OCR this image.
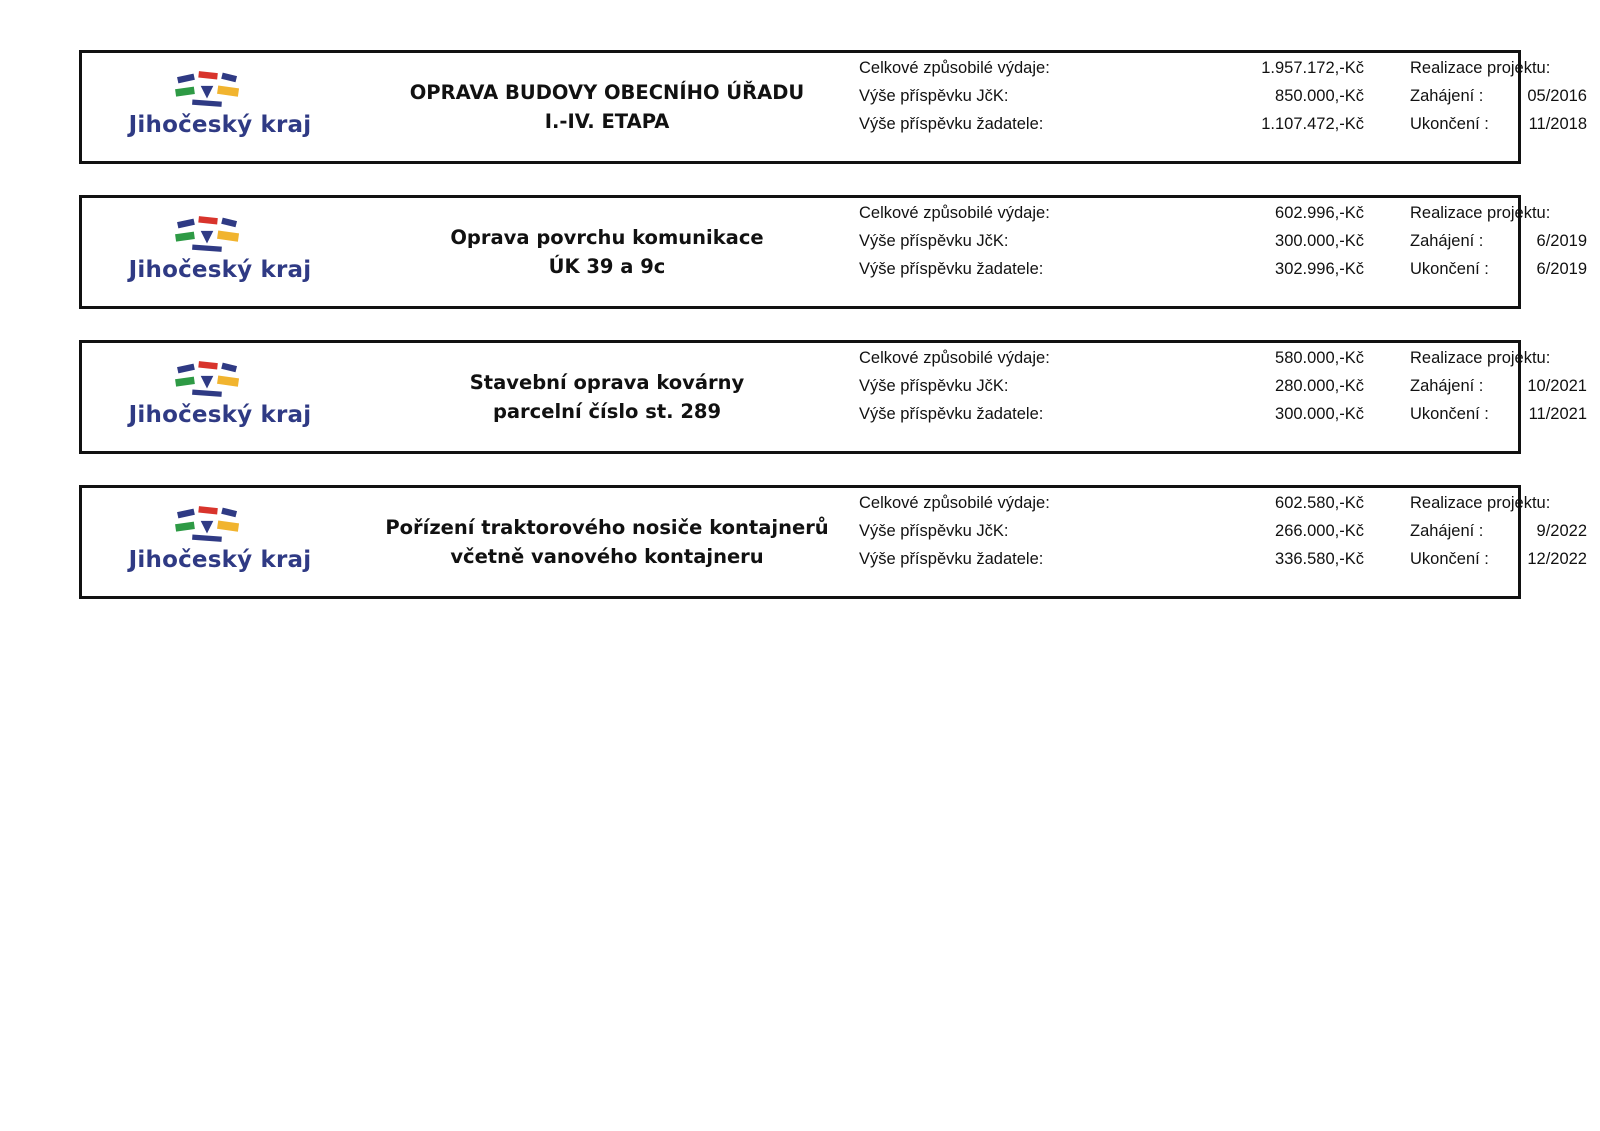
Jihočeský kraj
OPRAVA BUDOVY OBECNÍHO ÚŘADU
I.-IV. ETAPA
Celkové způsobilé výdaje:	1.957.172,-Kč
Výše příspěvku JčK:	850.000,-Kč
Výše příspěvku žadatele:	1.107.472,-Kč
Realizace projektu:
Zahájení :	05/2016
Ukončení :	11/2018
Jihočeský kraj
Oprava povrchu komunikace
ÚK 39 a 9c
Celkové způsobilé výdaje:	602.996,-Kč
Výše příspěvku JčK:	300.000,-Kč
Výše příspěvku žadatele:	302.996,-Kč
Realizace projektu:
Zahájení :	6/2019
Ukončení :	6/2019
Jihočeský kraj
Stavební oprava kovárny
parcelní číslo st. 289
Celkové způsobilé výdaje:	580.000,-Kč
Výše příspěvku JčK:	280.000,-Kč
Výše příspěvku žadatele:	300.000,-Kč
Realizace projektu:
Zahájení :	10/2021
Ukončení :	11/2021
Jihočeský kraj
Pořízení traktorového nosiče kontajnerů
včetně vanového kontajneru
Celkové způsobilé výdaje:	602.580,-Kč
Výše příspěvku JčK:	266.000,-Kč
Výše příspěvku žadatele:	336.580,-Kč
Realizace projektu:
Zahájení :	9/2022
Ukončení :	12/2022
